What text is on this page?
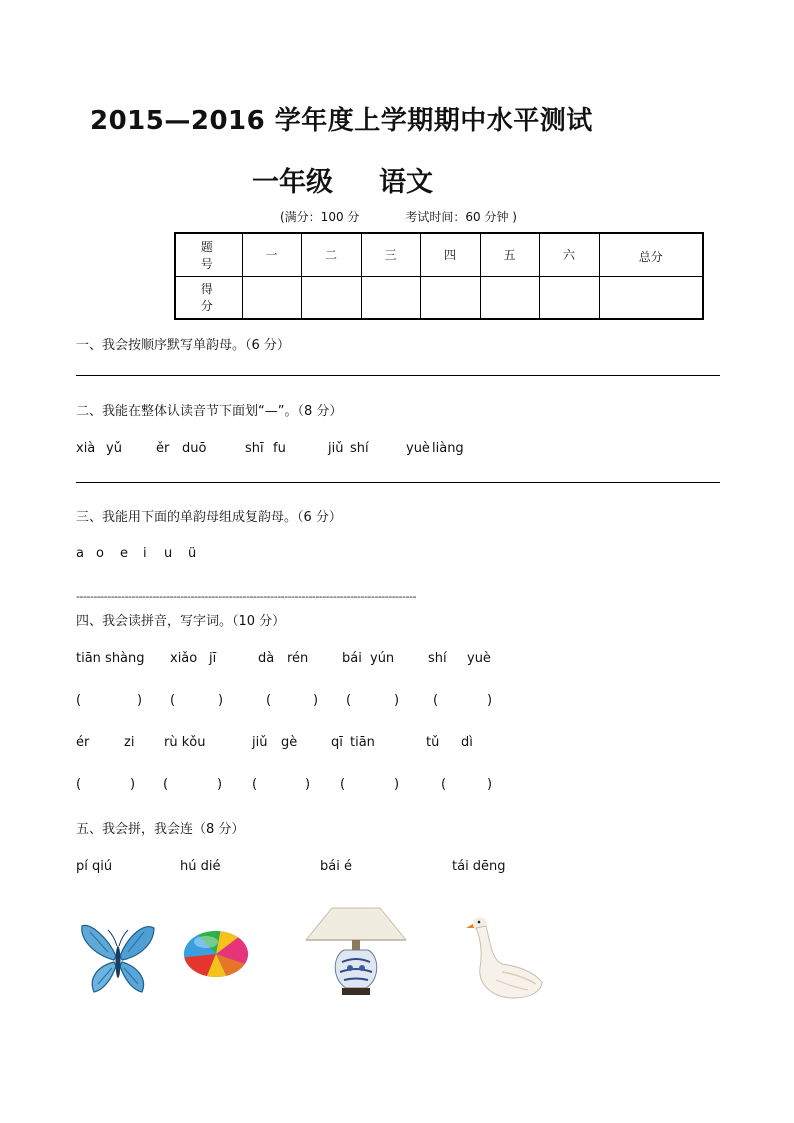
2015—2016 学年度上学期期中水平测试
一年级 语文
(满分：100 分	考试时间：60 分钟 )
题 号	一	二	三	四	五	六	总分
得 分							
一、我会按顺序默写单韵母。（6 分）
二、我能在整体认读音节下面划“—”。（8 分）
xià yǔ	ěr duō	shī fu	jiǔ shí	yuè liàng
三、我能用下面的单韵母组成复韵母。（6 分）
a o e i u ü
--------------------------------------------------------------------------------------------------
四、我会读拼音，写字词。（10 分）
tiān shàng xiǎo jī	dà rén	bái yún	shí yuè
(	) (	)	(	) (	)	(	)
ér	zi rù kǒu	jiǔ gè	qī tiān	tǔ dì
(	) (	) (	) (	)	(	)
五、我会拼，我会连（8 分）
pí qiú	hú dié	bái é	tái dēng
